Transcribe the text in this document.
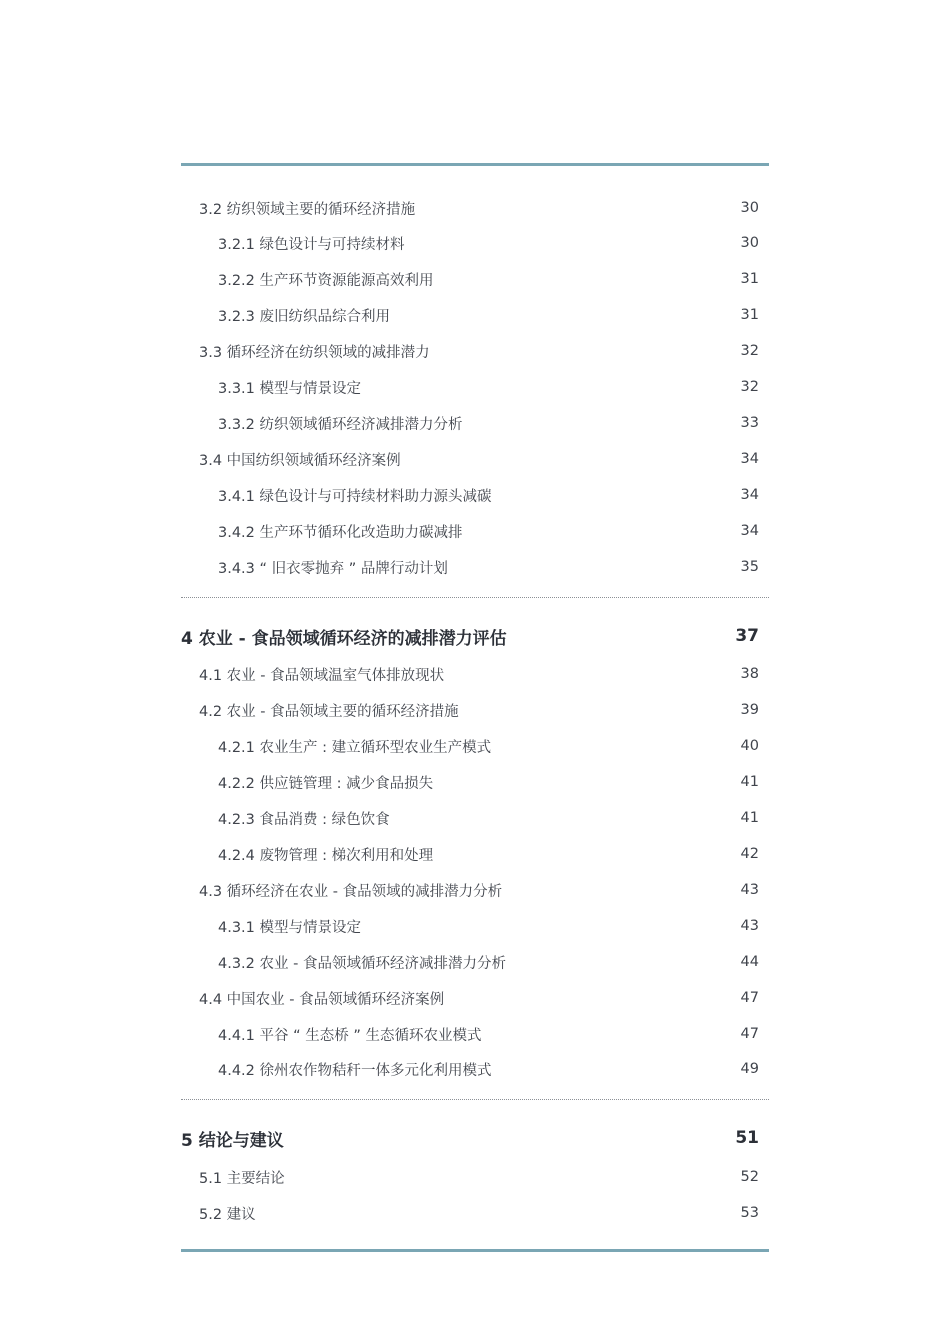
3.2 纺织领域主要的循环经济措施	30
3.2.1 绿色设计与可持续材料	30
3.2.2 生产环节资源能源高效利用	31
3.2.3 废旧纺织品综合利用	31
3.3 循环经济在纺织领域的减排潜力	32
3.3.1 模型与情景设定	32
3.3.2 纺织领域循环经济减排潜力分析	33
3.4 中国纺织领域循环经济案例	34
3.4.1 绿色设计与可持续材料助力源头减碳	34
3.4.2 生产环节循环化改造助力碳减排	34
3.4.3 “ 旧衣零抛弃 ” 品牌行动计划	35
4 农业 - 食品领域循环经济的减排潜力评估	37
4.1 农业 - 食品领域温室气体排放现状	38
4.2 农业 - 食品领域主要的循环经济措施	39
4.2.1 农业生产 : 建立循环型农业生产模式	40
4.2.2 供应链管理 : 减少食品损失	41
4.2.3 食品消费 : 绿色饮食	41
4.2.4 废物管理 : 梯次利用和处理	42
4.3 循环经济在农业 - 食品领域的减排潜力分析	43
4.3.1 模型与情景设定	43
4.3.2 农业 - 食品领域循环经济减排潜力分析	44
4.4 中国农业 - 食品领域循环经济案例	47
4.4.1 平谷 “ 生态桥 ” 生态循环农业模式	47
4.4.2 徐州农作物秸秆一体多元化利用模式	49
5 结论与建议	51
5.1 主要结论	52
5.2 建议	53
